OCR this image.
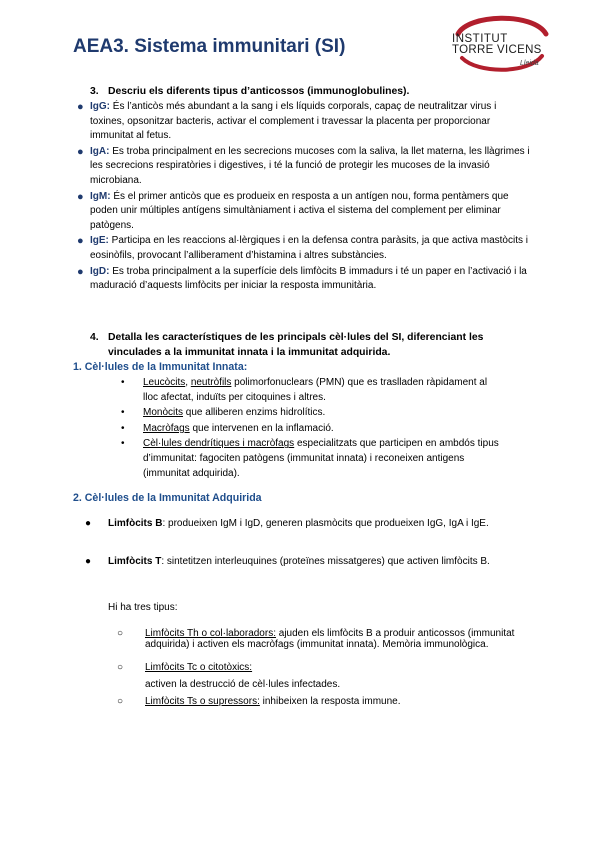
AEA3. Sistema immunitari (SI)	INSTITUT
TORRE VICENS
Lleida
3. Descriu els diferents tipus d’anticossos (immunoglobulines).
● IgG: És l’anticòs més abundant a la sang i els líquids corporals, capaç de neutralitzar virus i toxines, opsonitzar bacteris, activar el complement i travessar la placenta per proporcionar immunitat al fetus.
● IgA: Es troba principalment en les secrecions mucoses com la saliva, la llet materna, les llàgrimes i les secrecions respiratòries i digestives, i té la funció de protegir les mucoses de la invasió microbiana.
● IgM: És el primer anticòs que es produeix en resposta a un antígen nou, forma pentàmers que poden unir múltiples antígens simultàniament i activa el sistema del complement per eliminar patògens.
● IgE: Participa en les reaccions al·lèrgiques i en la defensa contra paràsits, ja que activa mastòcits i eosinòfils, provocant l’alliberament d’histamina i altres substàncies.
● IgD: Es troba principalment a la superfície dels limfòcits B immadurs i té un paper en l’activació i la maduració d’aquests limfòcits per iniciar la resposta immunitària.
4. Detalla les característiques de les principals cèl·lules del SI, diferenciant les
vinculades a la immunitat innata i la immunitat adquirida.
1. Cèl·lules de la Immunitat Innata:
• Leucòcits, neutròfils polimorfonuclears (PMN) que es traslladen ràpidament al lloc afectat, induïts per citoquines i altres.
• Monòcits que alliberen enzims hidrolítics.
• Macròfags que intervenen en la inflamació.
• Cèl·lules dendrítiques i macròfags especialitzats que participen en ambdós tipus d’immunitat: fagociten patògens (immunitat innata) i reconeixen antigens (immunitat adquirida).
2. Cèl·lules de la Immunitat Adquirida
● Limfòcits B: produeixen IgM i IgD, generen plasmòcits que produeixen IgG, IgA i IgE.
● Limfòcits T: sintetitzen interleuquines (proteïnes missatgeres) que activen limfòcits B.
Hi ha tres tipus:
○ Limfòcits Th o col·laboradors: ajuden els limfòcits B a produir anticossos (immunitat adquirida) i activen els macròfags (immunitat innata). Memòria immunològica.
○ Limfòcits Tc o citotòxics:
activen la destrucció de cèl·lules infectades.
○ Limfòcits Ts o supressors: inhibeixen la resposta immune.
